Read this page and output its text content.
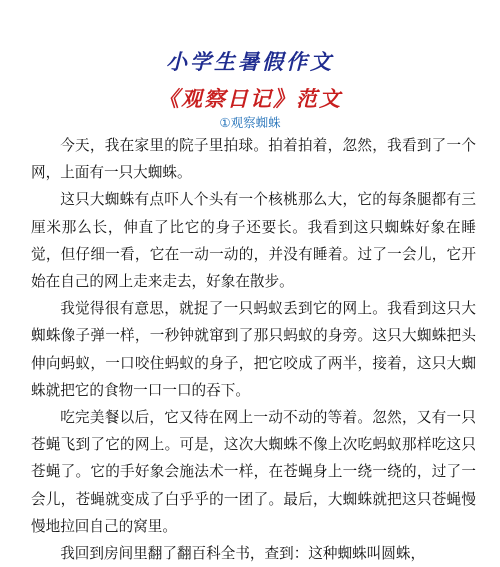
小学生暑假作文
《观察日记》范文
①观察蜘蛛

今天，我在家里的院子里拍球。拍着拍着，忽然，我看到了一个网，上面有一只大蜘蛛。

这只大蜘蛛有点吓人个头有一个核桃那么大，它的每条腿都有三厘米那么长，伸直了比它的身子还要长。我看到这只蜘蛛好象在睡觉，但仔细一看，它在一动一动的，并没有睡着。过了一会儿，它开始在自己的网上走来走去，好象在散步。

我觉得很有意思，就捉了一只蚂蚁丢到它的网上。我看到这只大蜘蛛像子弹一样，一秒钟就窜到了那只蚂蚁的身旁。这只大蜘蛛把头伸向蚂蚁，一口咬住蚂蚁的身子，把它咬成了两半，接着，这只大蜘蛛就把它的食物一口一口的吞下。

吃完美餐以后，它又待在网上一动不动的等着。忽然，又有一只苍蝇飞到了它的网上。可是，这次大蜘蛛不像上次吃蚂蚁那样吃这只苍蝇了。它的手好象会施法术一样，在苍蝇身上一绕一绕的，过了一会儿，苍蝇就变成了白乎乎的一团了。最后，大蜘蛛就把这只苍蝇慢慢地拉回自己的窝里。

我回到房间里翻了翻百科全书，查到：这种蜘蛛叫圆蛛，
